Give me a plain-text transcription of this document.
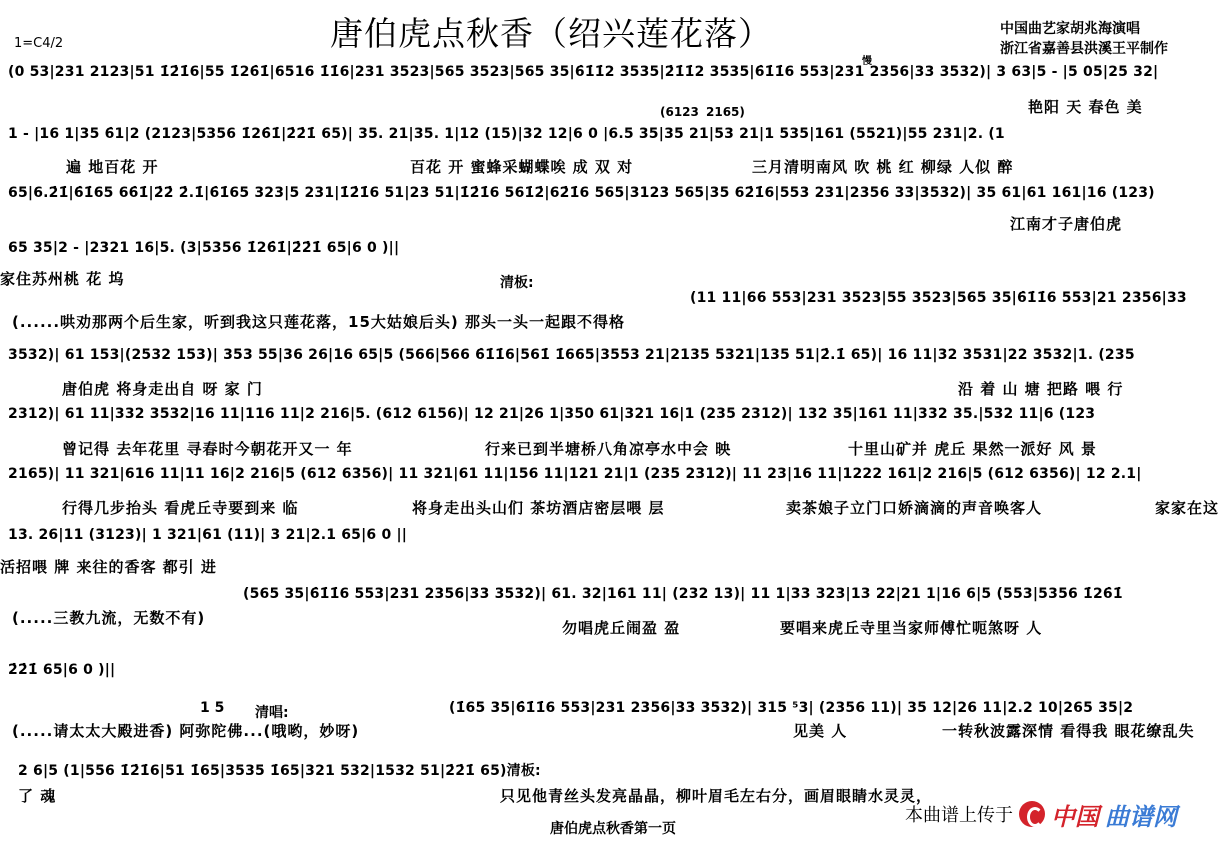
唐伯虎点秋香（绍兴莲花落）	中国曲艺家胡兆海演唱
浙江省嘉善县洪溪王平制作
1=C4/2
(0 53|231 2123|51 1̇2̇1̇6|55 1̇26̇1̇|6516 1̇1̇6|231 3523|565 3523|565 35|6̇1̇1̇2 3535|2̇1̇1̇2 3535|6̇1̇1̇6 553|231 2356|33 3532)| 3 63|5 - |5 05|25 32|
1 - |16 1|35 6̇1|2 (2123|5356 1̇26̇1̇|2̇2̇1̇ 65)| 35. 21|35. 1|12 (15)|32 12|6 0 |6.5 35|35 21|53 21|1 535|161 (5521)|55 231|2. (1
65|6.2̇1̇|6̇1̇65 66̇1̇|2̇2̇ 2̇.1̇|6̇1̇65 323|5 231|1̇2̇1̇6 51|23 51|1̇2̇1̇6 561̇2̇|62̇1̇6 565|3123 565|35 62̇1̇6|553 231|2356 33|3532)| 35 61|61 161|16 (123)
65 35|2 - |2321 16|5. (3|5356 1̇26̇1̇|2̇2̇1̇ 65|6 0 )||
(11 11|66 553|231 3523|55 3523|565 35|6̇1̇1̇6 553|21 2356|33
3532)| 61 153|(2532 153)| 353 55|36 26|16 65|5 (566|566 6̇1̇1̇6|561̇ 1̇665|3553 21|2135 5321|135 51|2̇.1̇ 65)| 16 11|32 3531|22 3532|1. (235
2312)| 61 11|332 3532|16 11|116 11|2 216|5. (612 6156)| 12 21|26 1|350 61|321 16|1 (235 2312)| 132 35|161 11|332 35.|532 11|6 (123
2165)| 11 321|616 11|11 16|2 216|5 (612 6356)| 11 321|61 11|156 11|121 21|1 (235 2312)| 11 23|16 11|1222 161|2 216|5 (612 6356)| 12 2.1|
13. 26|11 (3123)| 1 321|61 (11)| 3 21|2.1 65|6 0 ||
(565 35|6̇1̇1̇6 553|231 2356|33 3532)| 61. 32|161 11| (232 13)| 11 1|33 323|13 22|21 1|16 6|5 (553|5356 1̇26̇1̇
2̇2̇1̇ 65|6 0 )||
(1̇65 35|6̇1̇1̇6 553|231 2356|33 3532)| 315 ⁵3| (2356 11)| 35 12|26 11|2.2 10|265 35|2
2 6|5 (1|556 1̇2̇1̇6|51 1̇65|3535 1̇65|321 532|1532 51|2̇2̇1̇ 65)清板:
艳阳 天 春色 美
遍 地百花 开	百花 开 蜜蜂采蝴蝶唉 成 双 对	三月清明南风 吹 桃 红 柳绿 人似 醉
江南才子唐伯虎
家住苏州桃 花 坞
(......哄劝那两个后生家，听到我这只莲花落，15大姑娘后头) 那头一头一起跟不得格
唐伯虎 将身走出自 呀 家 门	沿 着 山 塘 把路 喂 行
曾记得 去年花里 寻春时今朝花开又一 年	行来已到半塘桥八角凉亭水中会 映	十里山矿并 虎丘 果然一派好 风 景
行得几步抬头 看虎丘寺要到来 临	将身走出头山们 茶坊酒店密层喂 层	卖茶娘子立门口娇滴滴的声音唤客人	家家在这
活招喂 牌 来往的香客 都引 进
(.....三教九流，无数不有)
勿唱虎丘闹盈 盈	要唱来虎丘寺里当家师傅忙呃煞呀 人
(.....请太太大殿进香) 阿弥陀佛...(哦哟，妙呀)	见美 人	一转秋波露深情 看得我 眼花缭乱失
了 魂	只见他青丝头发亮晶晶，柳叶眉毛左右分，画眉眼睛水灵灵，
清板:
(6123 2165)
慢
1 5 清唱:
唐伯虎点秋香第一页
本曲谱上传于 中国 曲谱网
